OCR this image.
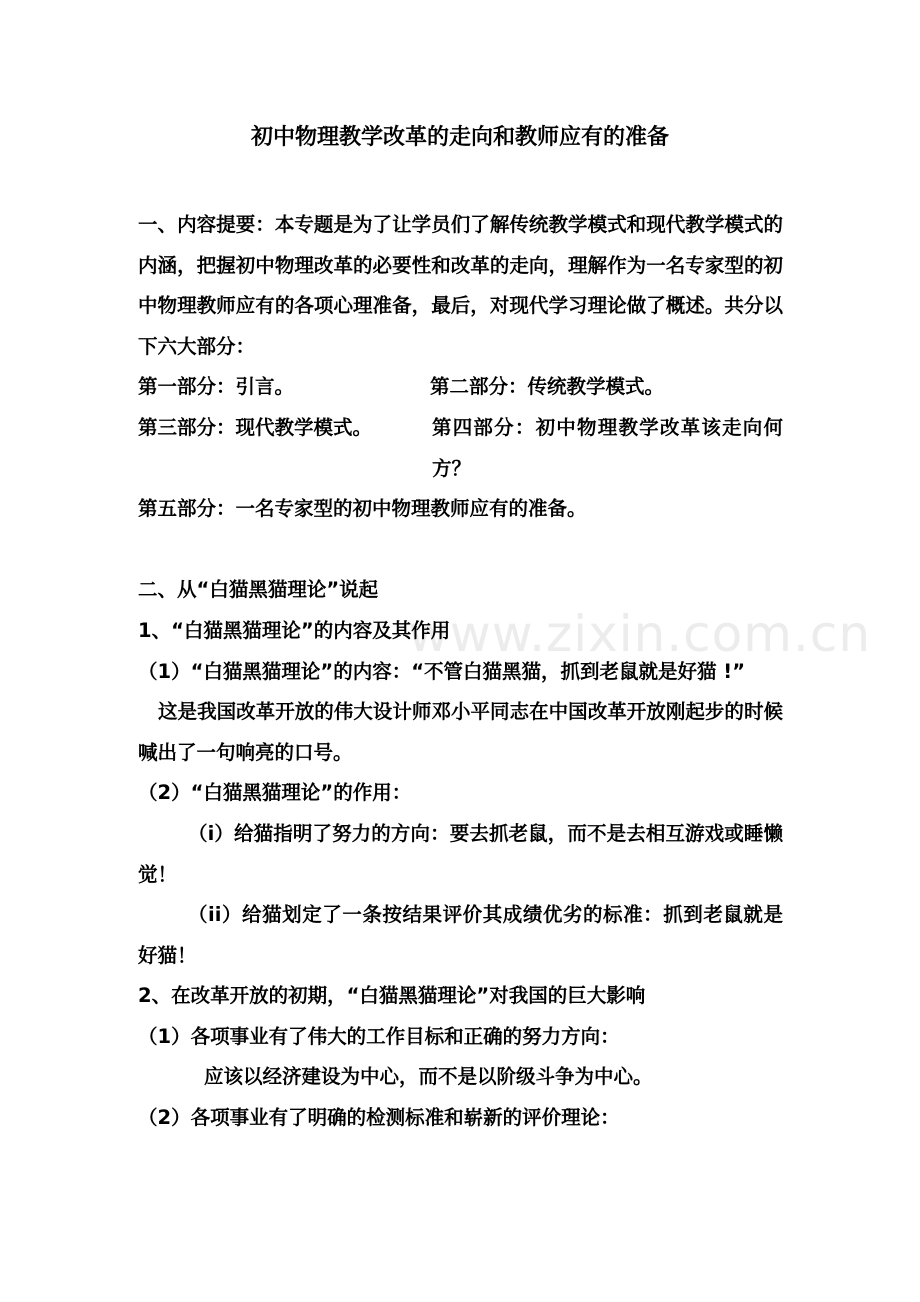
www.zixin.com.cn
初中物理教学改革的走向和教师应有的准备

一、内容提要：本专题是为了让学员们了解传统教学模式和现代教学模式的内涵，把握初中物理改革的必要性和改革的走向，理解作为一名专家型的初中物理教师应有的各项心理准备，最后，对现代学习理论做了概述。共分以下六大部分：

第一部分：引言。	第二部分：传统教学模式。
第三部分：现代教学模式。	第四部分：初中物理教学改革该走向何方？

第五部分：一名专家型的初中物理教师应有的准备。

二、从“白猫黑猫理论”说起

1、“白猫黑猫理论”的内容及其作用

（1）“白猫黑猫理论”的内容：“不管白猫黑猫，抓到老鼠就是好猫 !”

这是我国改革开放的伟大设计师邓小平同志在中国改革开放刚起步的时候喊出了一句响亮的口号。

（2）“白猫黑猫理论”的作用：

（i）给猫指明了努力的方向：要去抓老鼠，而不是去相互游戏或睡懒觉！

（ii）给猫划定了一条按结果评价其成绩优劣的标准：抓到老鼠就是好猫！

2、在改革开放的初期，“白猫黑猫理论”对我国的巨大影响

（1）各项事业有了伟大的工作目标和正确的努力方向：

应该以经济建设为中心，而不是以阶级斗争为中心。

（2）各项事业有了明确的检测标准和崭新的评价理论：
